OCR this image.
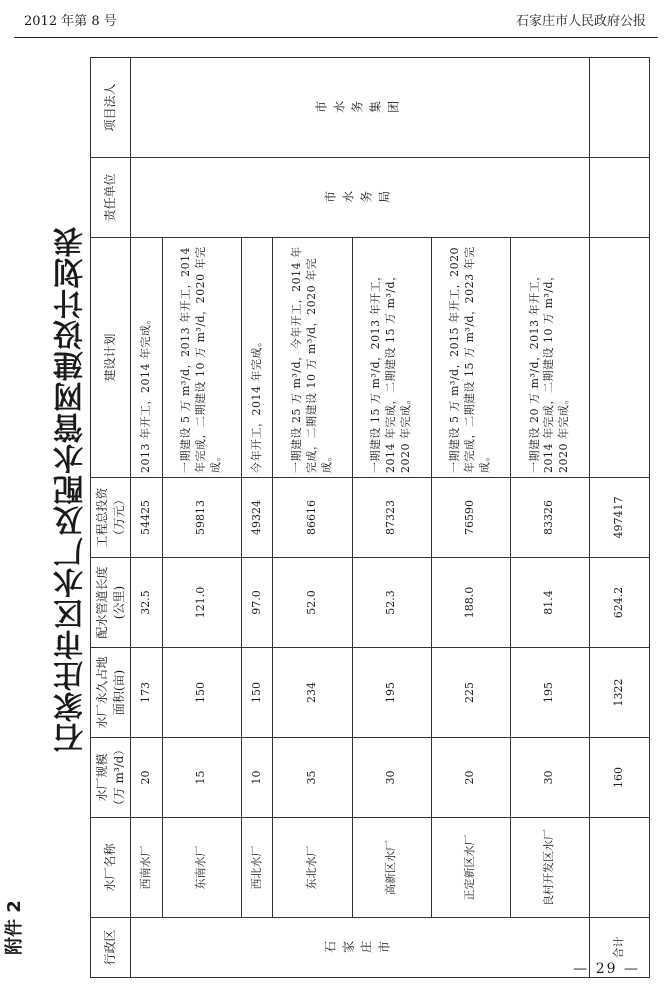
2012 年第 8 号	石家庄市人民政府公报
附件 2
石家庄市区水厂及配水管网建设计划表
行政区	水厂名称	水厂规模（万 m³/d）	水厂永久占地面积(亩)	配水管道长度(公里)	工程总投资（万元）	建设计划	责任单位	项目法人
石家庄市	西南水厂	20	173	32.5	54425	2013 年开工，2014 年完成。	市水务局	市水务集团
	东南水厂	15	150	121.0	59813	一期建设 5 万 m³/d，2013 年开工，2014 年完成，二期建设 10 万 m³/d，2020 年完成。		
	西北水厂	10	150	97.0	49324	今年开工，2014 年完成。		
	东北水厂	35	234	52.0	86616	一期建设 25 万 m³/d，今年开工，2014 年完成，二期建设 10 万 m³/d，2020 年完成。		
	高新区水厂	30	195	52.3	87323	一期建设 15 万 m³/d，2013 年开工，2014 年完成，二期建设 15 万 m³/d，2020 年完成。		
	正定新区水厂	20	225	188.0	76590	一期建设 5 万 m³/d，2015 年开工，2020 年完成，二期建设 15 万 m³/d，2023 年完成。		
	良村开发区水厂	30	195	81.4	83326	一期建设 20 万 m³/d，2013 年开工，2014 年完成，二期建设 10 万 m³/d，2020 年完成。		
合计		160	1322	624.2	497417			
— 29 —
